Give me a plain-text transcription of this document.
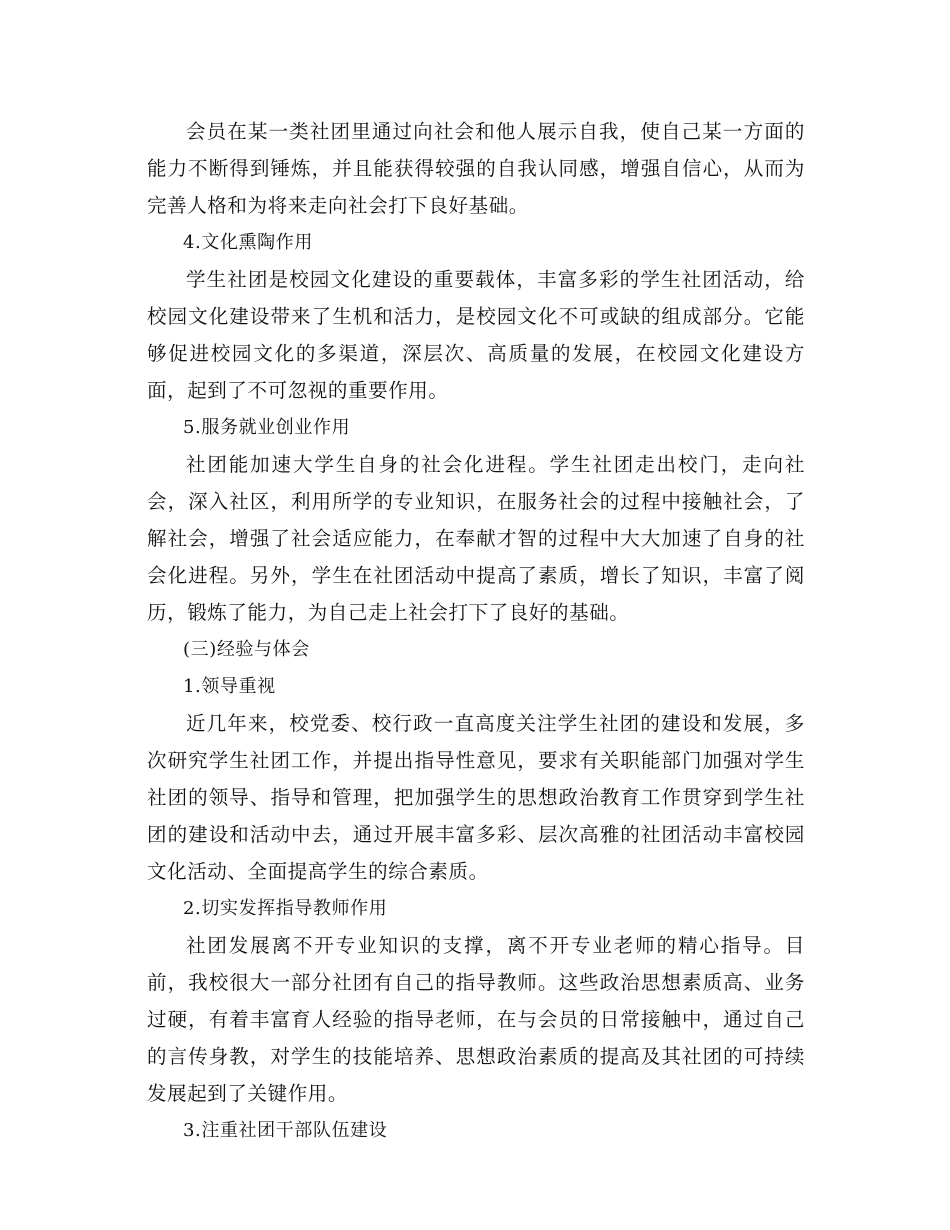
会员在某一类社团里通过向社会和他人展示自我，使自己某一方面的能力不断得到锤炼，并且能获得较强的自我认同感，增强自信心，从而为完善人格和为将来走向社会打下良好基础。

4.文化熏陶作用

学生社团是校园文化建设的重要载体，丰富多彩的学生社团活动，给校园文化建设带来了生机和活力，是校园文化不可或缺的组成部分。它能够促进校园文化的多渠道，深层次、高质量的发展，在校园文化建设方面，起到了不可忽视的重要作用。

5.服务就业创业作用

社团能加速大学生自身的社会化进程。学生社团走出校门，走向社会，深入社区，利用所学的专业知识，在服务社会的过程中接触社会，了解社会，增强了社会适应能力，在奉献才智的过程中大大加速了自身的社会化进程。另外，学生在社团活动中提高了素质，增长了知识，丰富了阅历，锻炼了能力，为自己走上社会打下了良好的基础。

(三)经验与体会

1.领导重视

近几年来，校党委、校行政一直高度关注学生社团的建设和发展，多次研究学生社团工作，并提出指导性意见，要求有关职能部门加强对学生社团的领导、指导和管理，把加强学生的思想政治教育工作贯穿到学生社团的建设和活动中去，通过开展丰富多彩、层次高雅的社团活动丰富校园文化活动、全面提高学生的综合素质。

2.切实发挥指导教师作用

社团发展离不开专业知识的支撑，离不开专业老师的精心指导。目前，我校很大一部分社团有自己的指导教师。这些政治思想素质高、业务过硬，有着丰富育人经验的指导老师，在与会员的日常接触中，通过自己的言传身教，对学生的技能培养、思想政治素质的提高及其社团的可持续发展起到了关键作用。

3.注重社团干部队伍建设
